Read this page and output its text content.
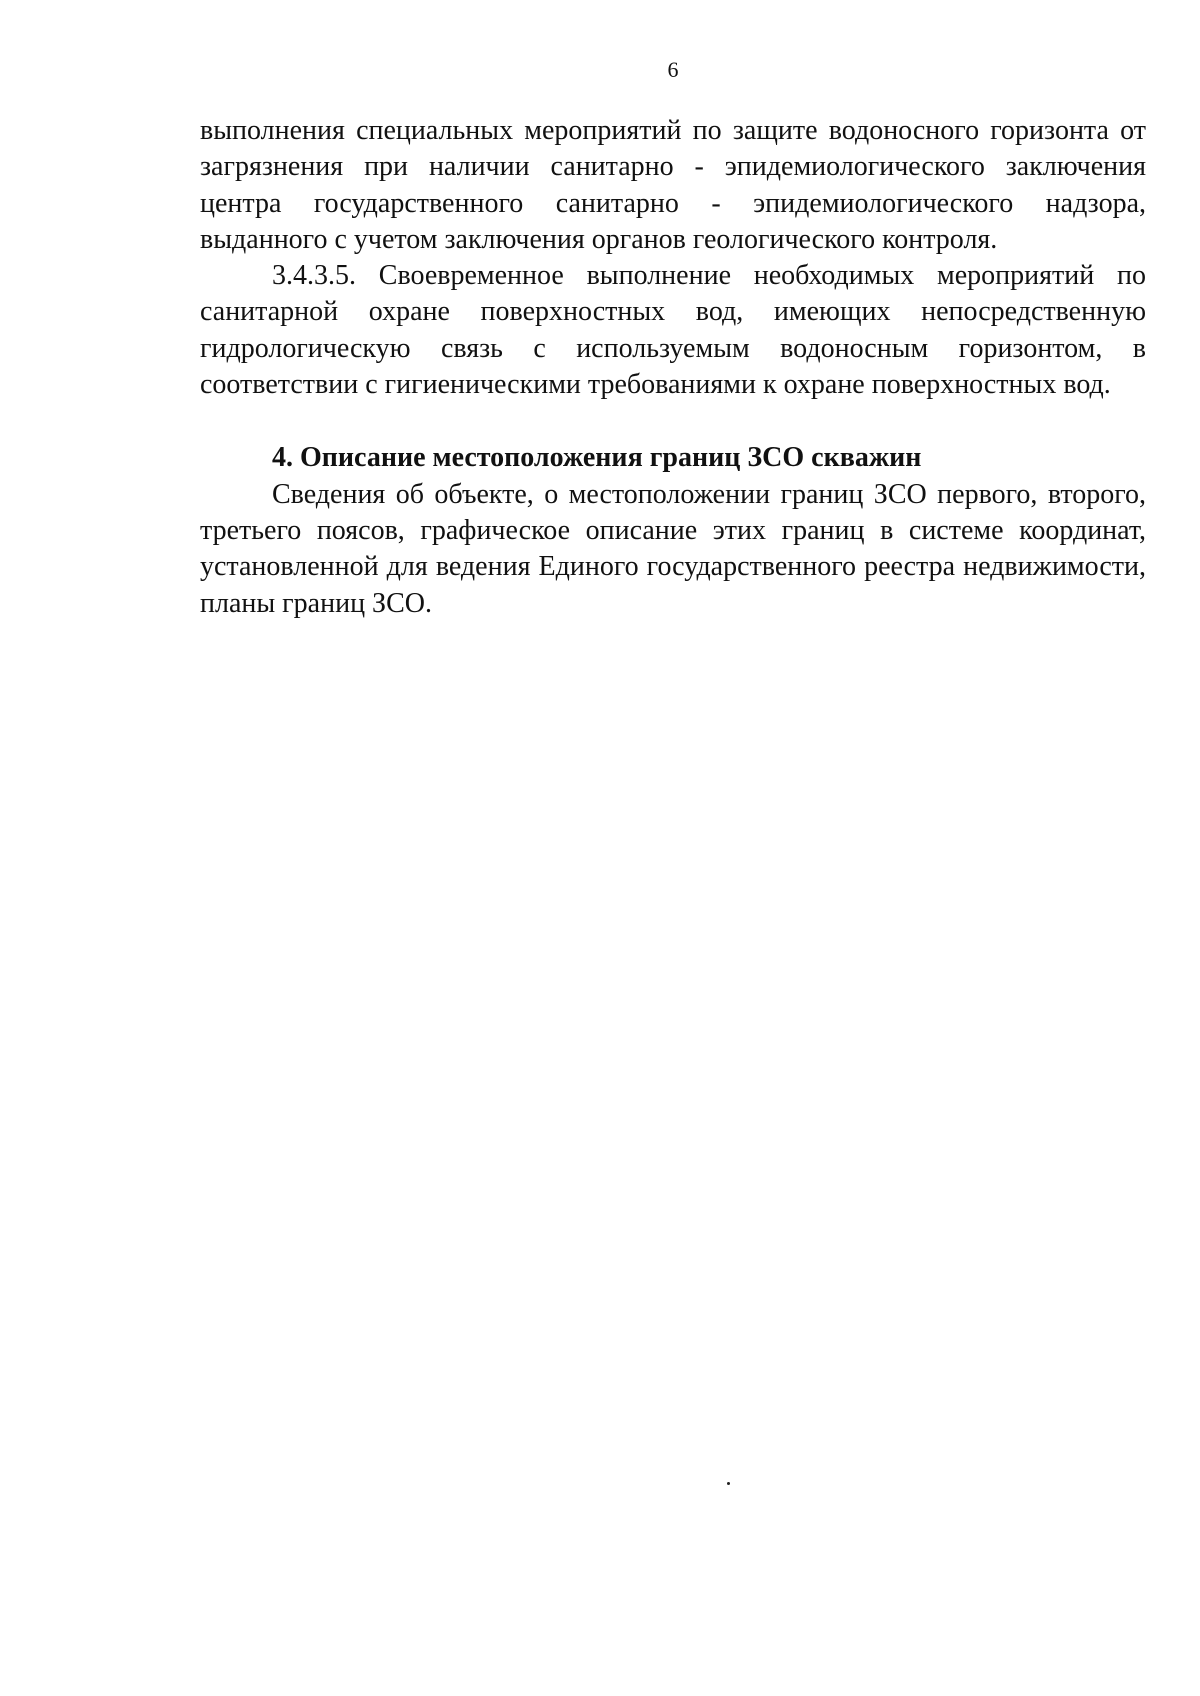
6

выполнения специальных мероприятий по защите водоносного горизонта от загрязнения при наличии санитарно - эпидемиологического заключения центра государственного санитарно - эпидемиологического надзора, выданного с учетом заключения органов геологического контроля.

3.4.3.5. Своевременное выполнение необходимых мероприятий по санитарной охране поверхностных вод, имеющих непосредственную гидрологическую связь с используемым водоносным горизонтом, в соответствии с гигиеническими требованиями к охране поверхностных вод.

4. Описание местоположения границ ЗСО скважин

Сведения об объекте, о местоположении границ ЗСО первого, второго, третьего поясов, графическое описание этих границ в системе координат, установленной для ведения Единого государственного реестра недвижимости, планы границ ЗСО.
